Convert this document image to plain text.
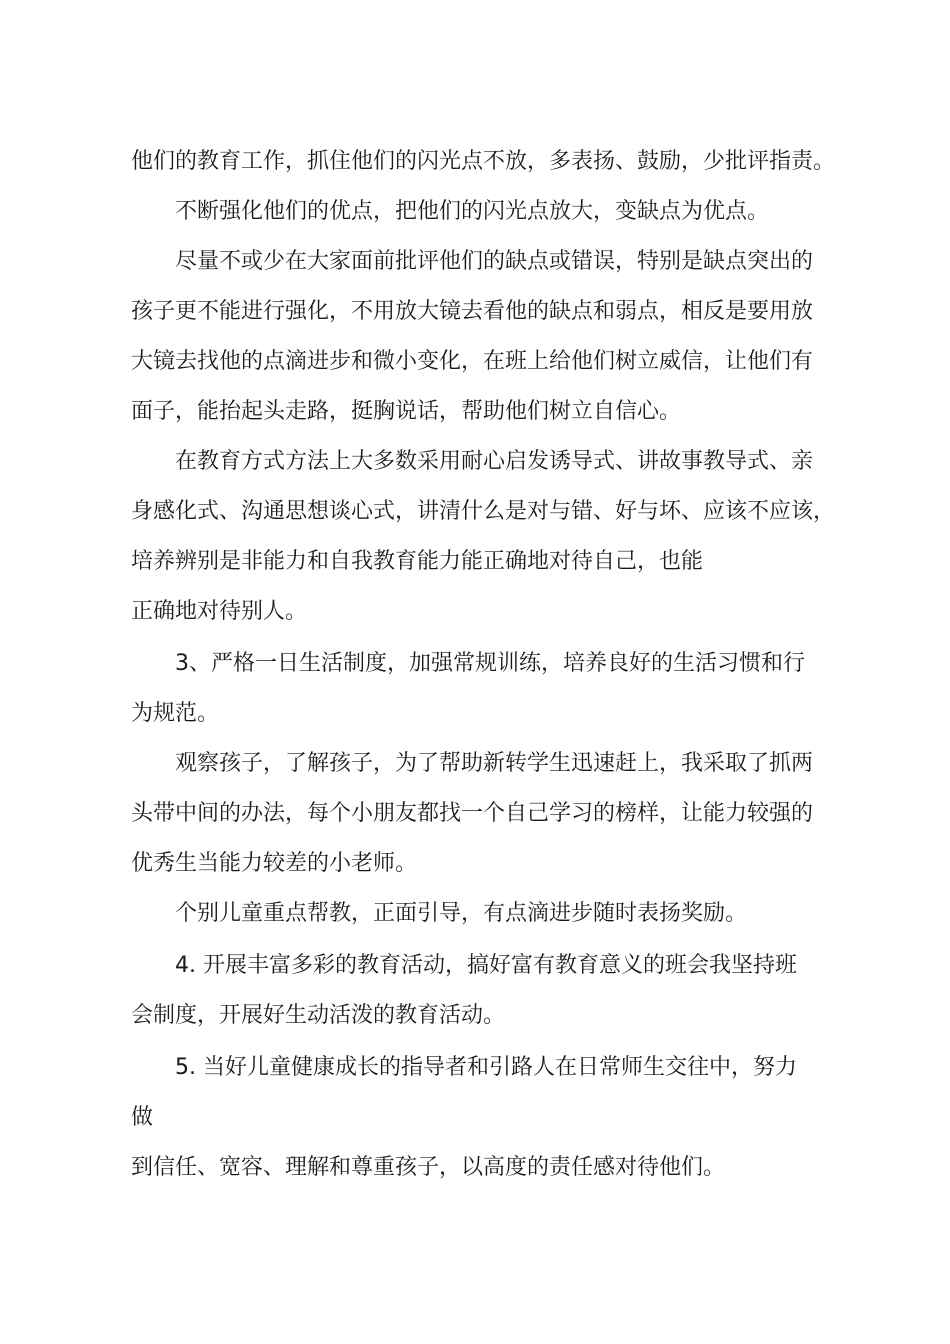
他们的教育工作，抓住他们的闪光点不放，多表扬、鼓励，少批评指责。

不断强化他们的优点，把他们的闪光点放大，变缺点为优点。

尽量不或少在大家面前批评他们的缺点或错误，特别是缺点突出的

孩子更不能进行强化，不用放大镜去看他的缺点和弱点，相反是要用放

大镜去找他的点滴进步和微小变化，在班上给他们树立威信，让他们有

面子，能抬起头走路，挺胸说话，帮助他们树立自信心。

在教育方式方法上大多数采用耐心启发诱导式、讲故事教导式、亲

身感化式、沟通思想谈心式，讲清什么是对与错、好与坏、应该不应该，

培养辨别是非能力和自我教育能力能正确地对待自己，也能

正确地对待别人。

3、严格一日生活制度，加强常规训练，培养良好的生活习惯和行

为规范。

观察孩子，了解孩子，为了帮助新转学生迅速赶上，我采取了抓两

头带中间的办法，每个小朋友都找一个自己学习的榜样，让能力较强的

优秀生当能力较差的小老师。

个别儿童重点帮教，正面引导，有点滴进步随时表扬奖励。

4. 开展丰富多彩的教育活动，搞好富有教育意义的班会我坚持班

会制度，开展好生动活泼的教育活动。

5. 当好儿童健康成长的指导者和引路人在日常师生交往中，努力

做

到信任、宽容、理解和尊重孩子，以高度的责任感对待他们。
